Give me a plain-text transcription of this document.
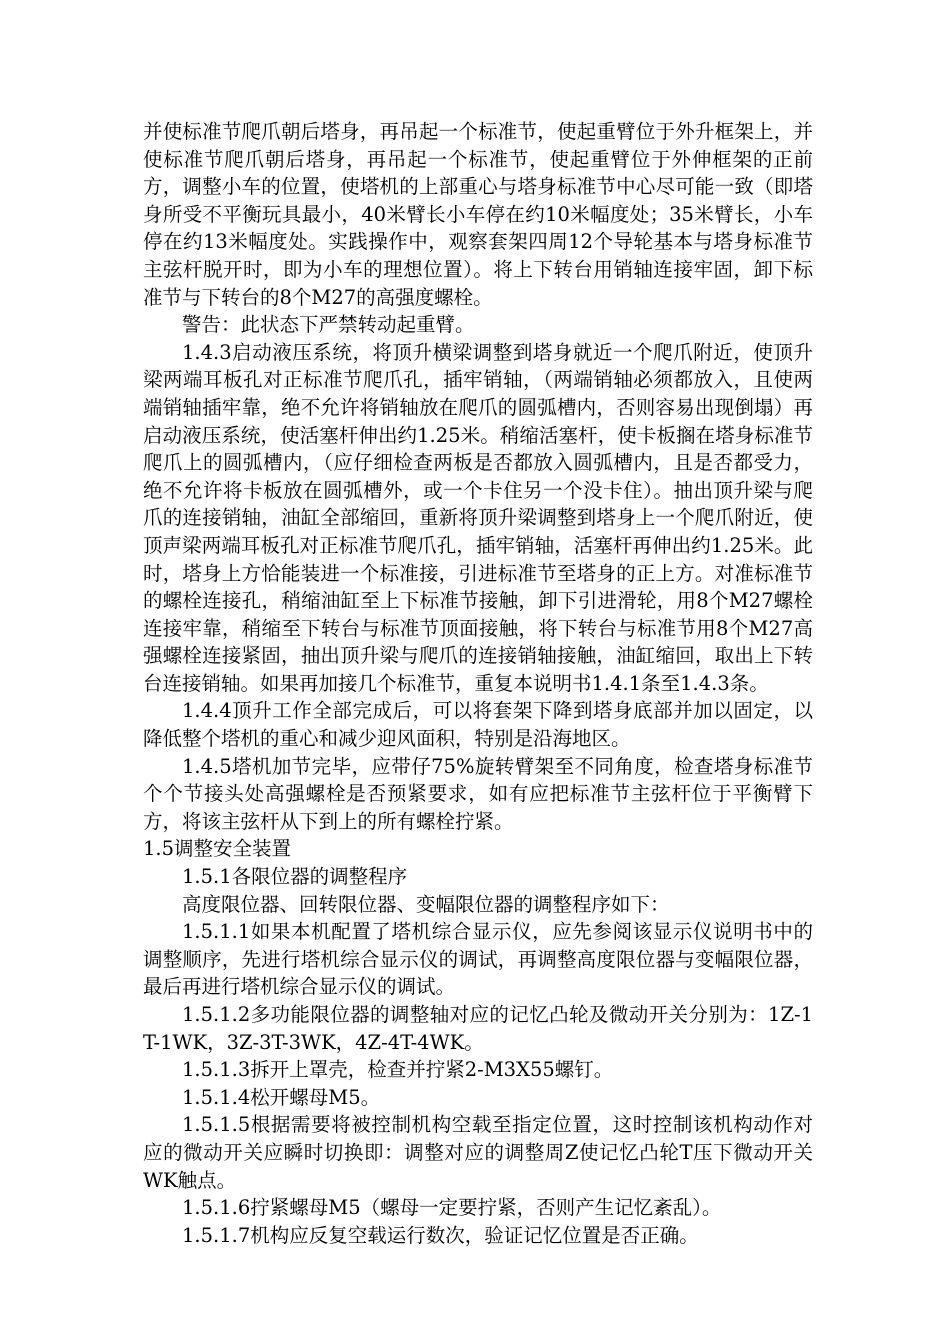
并使标准节爬爪朝后塔身，再吊起一个标准节，使起重臂位于外升框架上，并使标准节爬爪朝后塔身，再吊起一个标准节，使起重臂位于外伸框架的正前方，调整小车的位置，使塔机的上部重心与塔身标准节中心尽可能一致（即塔身所受不平衡玩具最小，40米臂长小车停在约10米幅度处；35米臂长，小车停在约13米幅度处。实践操作中，观察套架四周12个导轮基本与塔身标准节主弦杆脱开时，即为小车的理想位置）。将上下转台用销轴连接牢固，卸下标准节与下转台的8个M27的高强度螺栓。

警告：此状态下严禁转动起重臂。

1.4.3启动液压系统，将顶升横梁调整到塔身就近一个爬爪附近，使顶升梁两端耳板孔对正标准节爬爪孔，插牢销轴，（两端销轴必须都放入，且使两端销轴插牢靠，绝不允许将销轴放在爬爪的圆弧槽内，否则容易出现倒塌）再启动液压系统，使活塞杆伸出约1.25米。稍缩活塞杆，使卡板搁在塔身标准节爬爪上的圆弧槽内，（应仔细检查两板是否都放入圆弧槽内，且是否都受力，绝不允许将卡板放在圆弧槽外，或一个卡住另一个没卡住）。抽出顶升梁与爬爪的连接销轴，油缸全部缩回，重新将顶升梁调整到塔身上一个爬爪附近，使顶声梁两端耳板孔对正标准节爬爪孔，插牢销轴，活塞杆再伸出约1.25米。此时，塔身上方恰能装进一个标准接，引进标准节至塔身的正上方。对准标准节的螺栓连接孔，稍缩油缸至上下标准节接触，卸下引进滑轮，用8个M27螺栓连接牢靠，稍缩至下转台与标准节顶面接触，将下转台与标准节用8个M27高强螺栓连接紧固，抽出顶升梁与爬爪的连接销轴接触，油缸缩回，取出上下转台连接销轴。如果再加接几个标准节，重复本说明书1.4.1条至1.4.3条。

1.4.4顶升工作全部完成后，可以将套架下降到塔身底部并加以固定，以降低整个塔机的重心和减少迎风面积，特别是沿海地区。

1.4.5塔机加节完毕，应带仔75%旋转臂架至不同角度，检查塔身标准节个个节接头处高强螺栓是否预紧要求，如有应把标准节主弦杆位于平衡臂下方，将该主弦杆从下到上的所有螺栓拧紧。

1.5调整安全装置

1.5.1各限位器的调整程序

高度限位器、回转限位器、变幅限位器的调整程序如下：

1.5.1.1如果本机配置了塔机综合显示仪，应先参阅该显示仪说明书中的调整顺序，先进行塔机综合显示仪的调试，再调整高度限位器与变幅限位器，最后再进行塔机综合显示仪的调试。

1.5.1.2多功能限位器的调整轴对应的记忆凸轮及微动开关分别为：1Z-1T-1WK，3Z-3T-3WK，4Z-4T-4WK。

1.5.1.3拆开上罩壳，检查并拧紧2-M3X55螺钉。

1.5.1.4松开螺母M5。

1.5.1.5根据需要将被控制机构空载至指定位置，这时控制该机构动作对应的微动开关应瞬时切换即：调整对应的调整周Z使记忆凸轮T压下微动开关WK触点。

1.5.1.6拧紧螺母M5（螺母一定要拧紧，否则产生记忆紊乱）。

1.5.1.7机构应反复空载运行数次，验证记忆位置是否正确。
